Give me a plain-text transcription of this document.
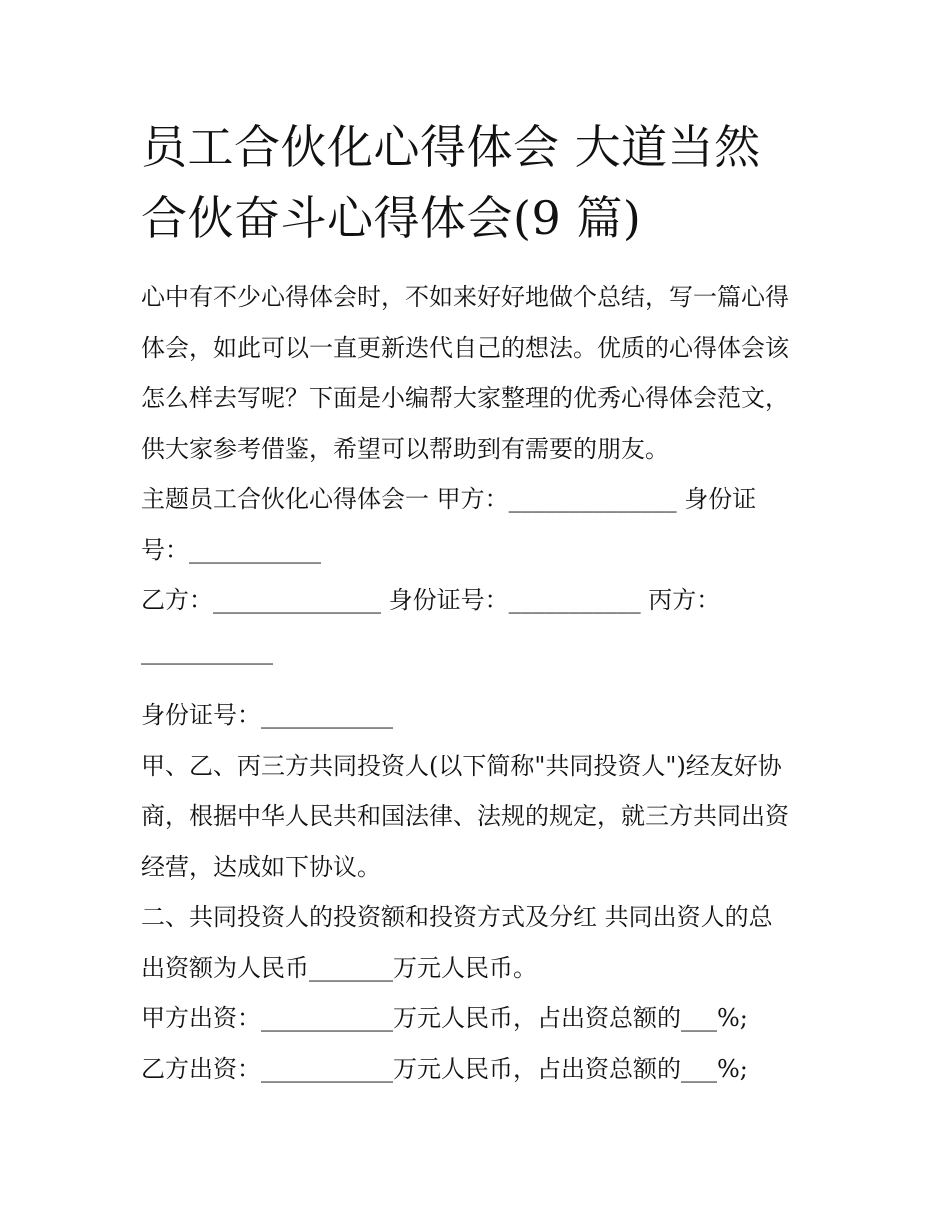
员工合伙化心得体会 大道当然
合伙奋斗心得体会(9 篇)

心中有不少心得体会时，不如来好好地做个总结，写一篇心得
体会，如此可以一直更新迭代自己的想法。优质的心得体会该
怎么样去写呢？下面是小编帮大家整理的优秀心得体会范文，
供大家参考借鉴，希望可以帮助到有需要的朋友。

主题员工合伙化心得体会一 甲方：______________ 身份证
号：___________

乙方：______________ 身份证号：___________ 丙方：
___________

身份证号：___________

甲、乙、丙三方共同投资人(以下简称"共同投资人")经友好协
商，根据中华人民共和国法律、法规的规定，就三方共同出资
经营，达成如下协议。

二、共同投资人的投资额和投资方式及分红 共同出资人的总
出资额为人民币_______万元人民币。

甲方出资：___________万元人民币，占出资总额的___%;

乙方出资：___________万元人民币，占出资总额的___%;
